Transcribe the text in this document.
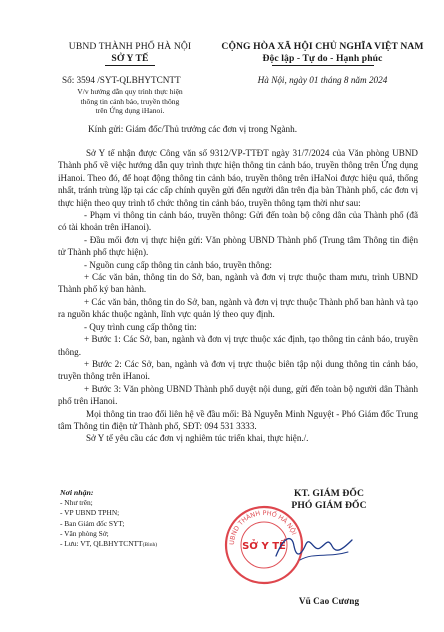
UBND THÀNH PHỐ HÀ NỘI
SỞ Y TẾ
CỘNG HÒA XÃ HỘI CHỦ NGHĨA VIỆT NAM
Độc lập - Tự do - Hạnh phúc
Số: 3594 /SYT-QLBHYTCNTT	Hà Nội, ngày 01 tháng 8 năm 2024
V/v hướng dẫn quy trình thực hiện
thông tin cảnh báo, truyền thông
trên Ứng dụng iHanoi.
Kính gửi: Giám đốc/Thủ trưởng các đơn vị trong Ngành.

Sở Y tế nhận được Công văn số 9312/VP-TTĐT ngày 31/7/2024 của Văn phòng UBND Thành phố về việc hướng dẫn quy trình thực hiện thông tin cảnh báo, truyền thông trên Ứng dụng iHanoi. Theo đó, để hoạt động thông tin cảnh báo, truyền thông trên iHaNoi được hiệu quả, thống nhất, tránh trùng lặp tại các cấp chính quyền gửi đến người dân trên địa bàn Thành phố, các đơn vị thực hiện theo quy trình tổ chức thông tin cảnh báo, truyền thông tạm thời như sau:

- Phạm vi thông tin cảnh báo, truyền thông: Gửi đến toàn bộ công dân của Thành phố (đã có tài khoản trên iHanoi).

- Đầu mối đơn vị thực hiện gửi: Văn phòng UBND Thành phố (Trung tâm Thông tin điện tử Thành phố thực hiện).

- Nguồn cung cấp thông tin cảnh báo, truyền thông:

+ Các văn bản, thông tin do Sở, ban, ngành và đơn vị trực thuộc tham mưu, trình UBND Thành phố ký ban hành.

+ Các văn bản, thông tin do Sở, ban, ngành và đơn vị trực thuộc Thành phố ban hành và tạo ra nguồn khác thuộc ngành, lĩnh vực quản lý theo quy định.

- Quy trình cung cấp thông tin:

+ Bước 1: Các Sở, ban, ngành và đơn vị trực thuộc xác định, tạo thông tin cảnh báo, truyền thông.

+ Bước 2: Các Sở, ban, ngành và đơn vị trực thuộc biên tập nội dung thông tin cảnh báo, truyền thông trên iHanoi.

+ Bước 3: Văn phòng UBND Thành phố duyệt nội dung, gửi đến toàn bộ người dân Thành phố trên iHanoi.

Mọi thông tin trao đổi liên hệ về đầu mối: Bà Nguyễn Minh Nguyệt - Phó Giám đốc Trung tâm Thông tin điện tử Thành phố, SĐT: 094 531 3333.

Sở Y tế yêu cầu các đơn vị nghiêm túc triển khai, thực hiện./.

Nơi nhận:
- Như trên;
- VP UBND TPHN;
- Ban Giám đốc SYT;
- Văn phòng Sở;
- Lưu: VT, QLBHYTCNTT(Bình)
KT. GIÁM ĐỐC
PHÓ GIÁM ĐỐC
UBND THÀNH PHỐ HÀ NỘI
SỞ Y TẾ
Vũ Cao Cương
